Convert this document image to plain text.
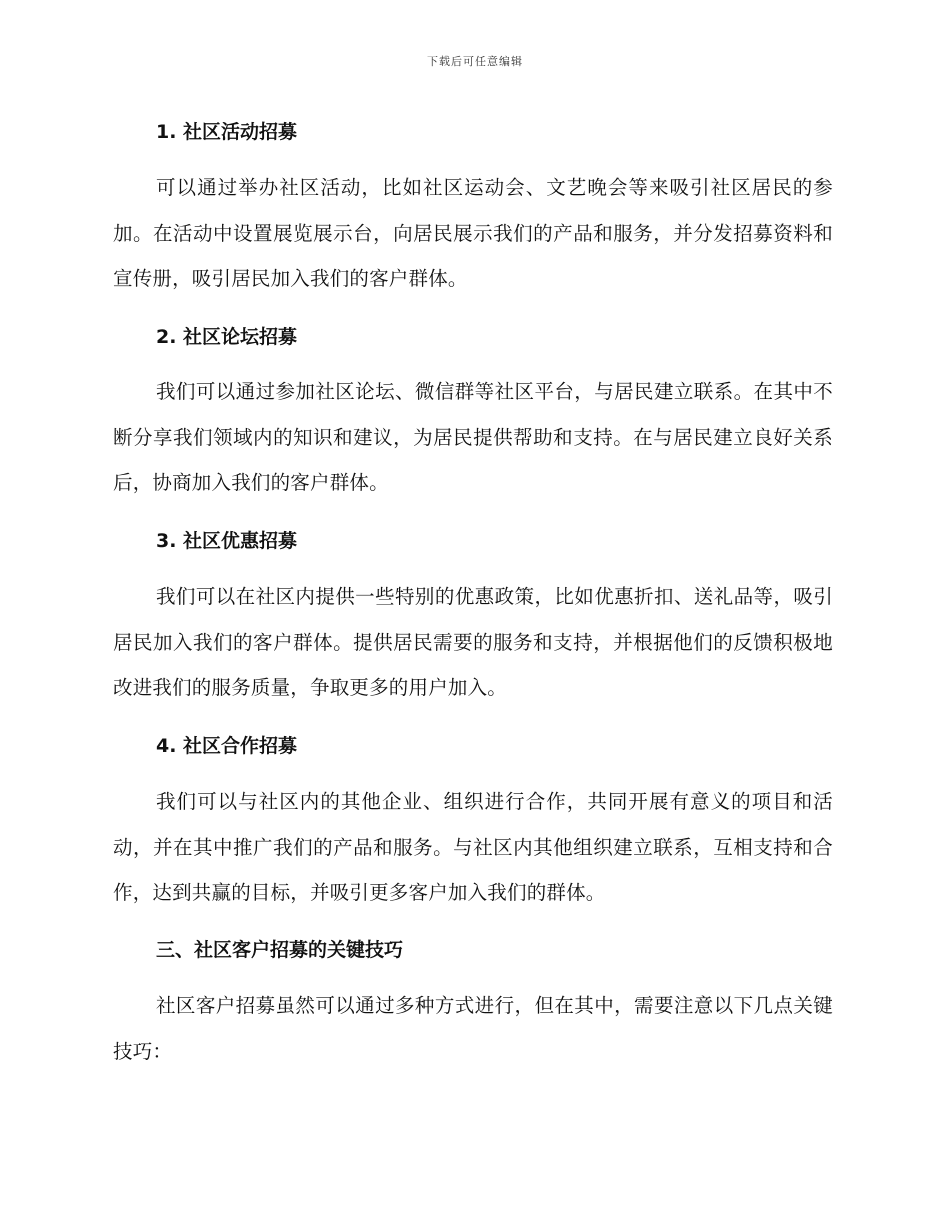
下载后可任意编辑
1. 社区活动招募
可以通过举办社区活动，比如社区运动会、文艺晚会等来吸引社区居民的参加。在活动中设置展览展示台，向居民展示我们的产品和服务，并分发招募资料和宣传册，吸引居民加入我们的客户群体。
2. 社区论坛招募
我们可以通过参加社区论坛、微信群等社区平台，与居民建立联系。在其中不断分享我们领域内的知识和建议，为居民提供帮助和支持。在与居民建立良好关系后，协商加入我们的客户群体。
3. 社区优惠招募
我们可以在社区内提供一些特别的优惠政策，比如优惠折扣、送礼品等，吸引居民加入我们的客户群体。提供居民需要的服务和支持，并根据他们的反馈积极地改进我们的服务质量，争取更多的用户加入。
4. 社区合作招募
我们可以与社区内的其他企业、组织进行合作，共同开展有意义的项目和活动，并在其中推广我们的产品和服务。与社区内其他组织建立联系，互相支持和合作，达到共赢的目标，并吸引更多客户加入我们的群体。
三、社区客户招募的关键技巧
社区客户招募虽然可以通过多种方式进行，但在其中，需要注意以下几点关键技巧：
